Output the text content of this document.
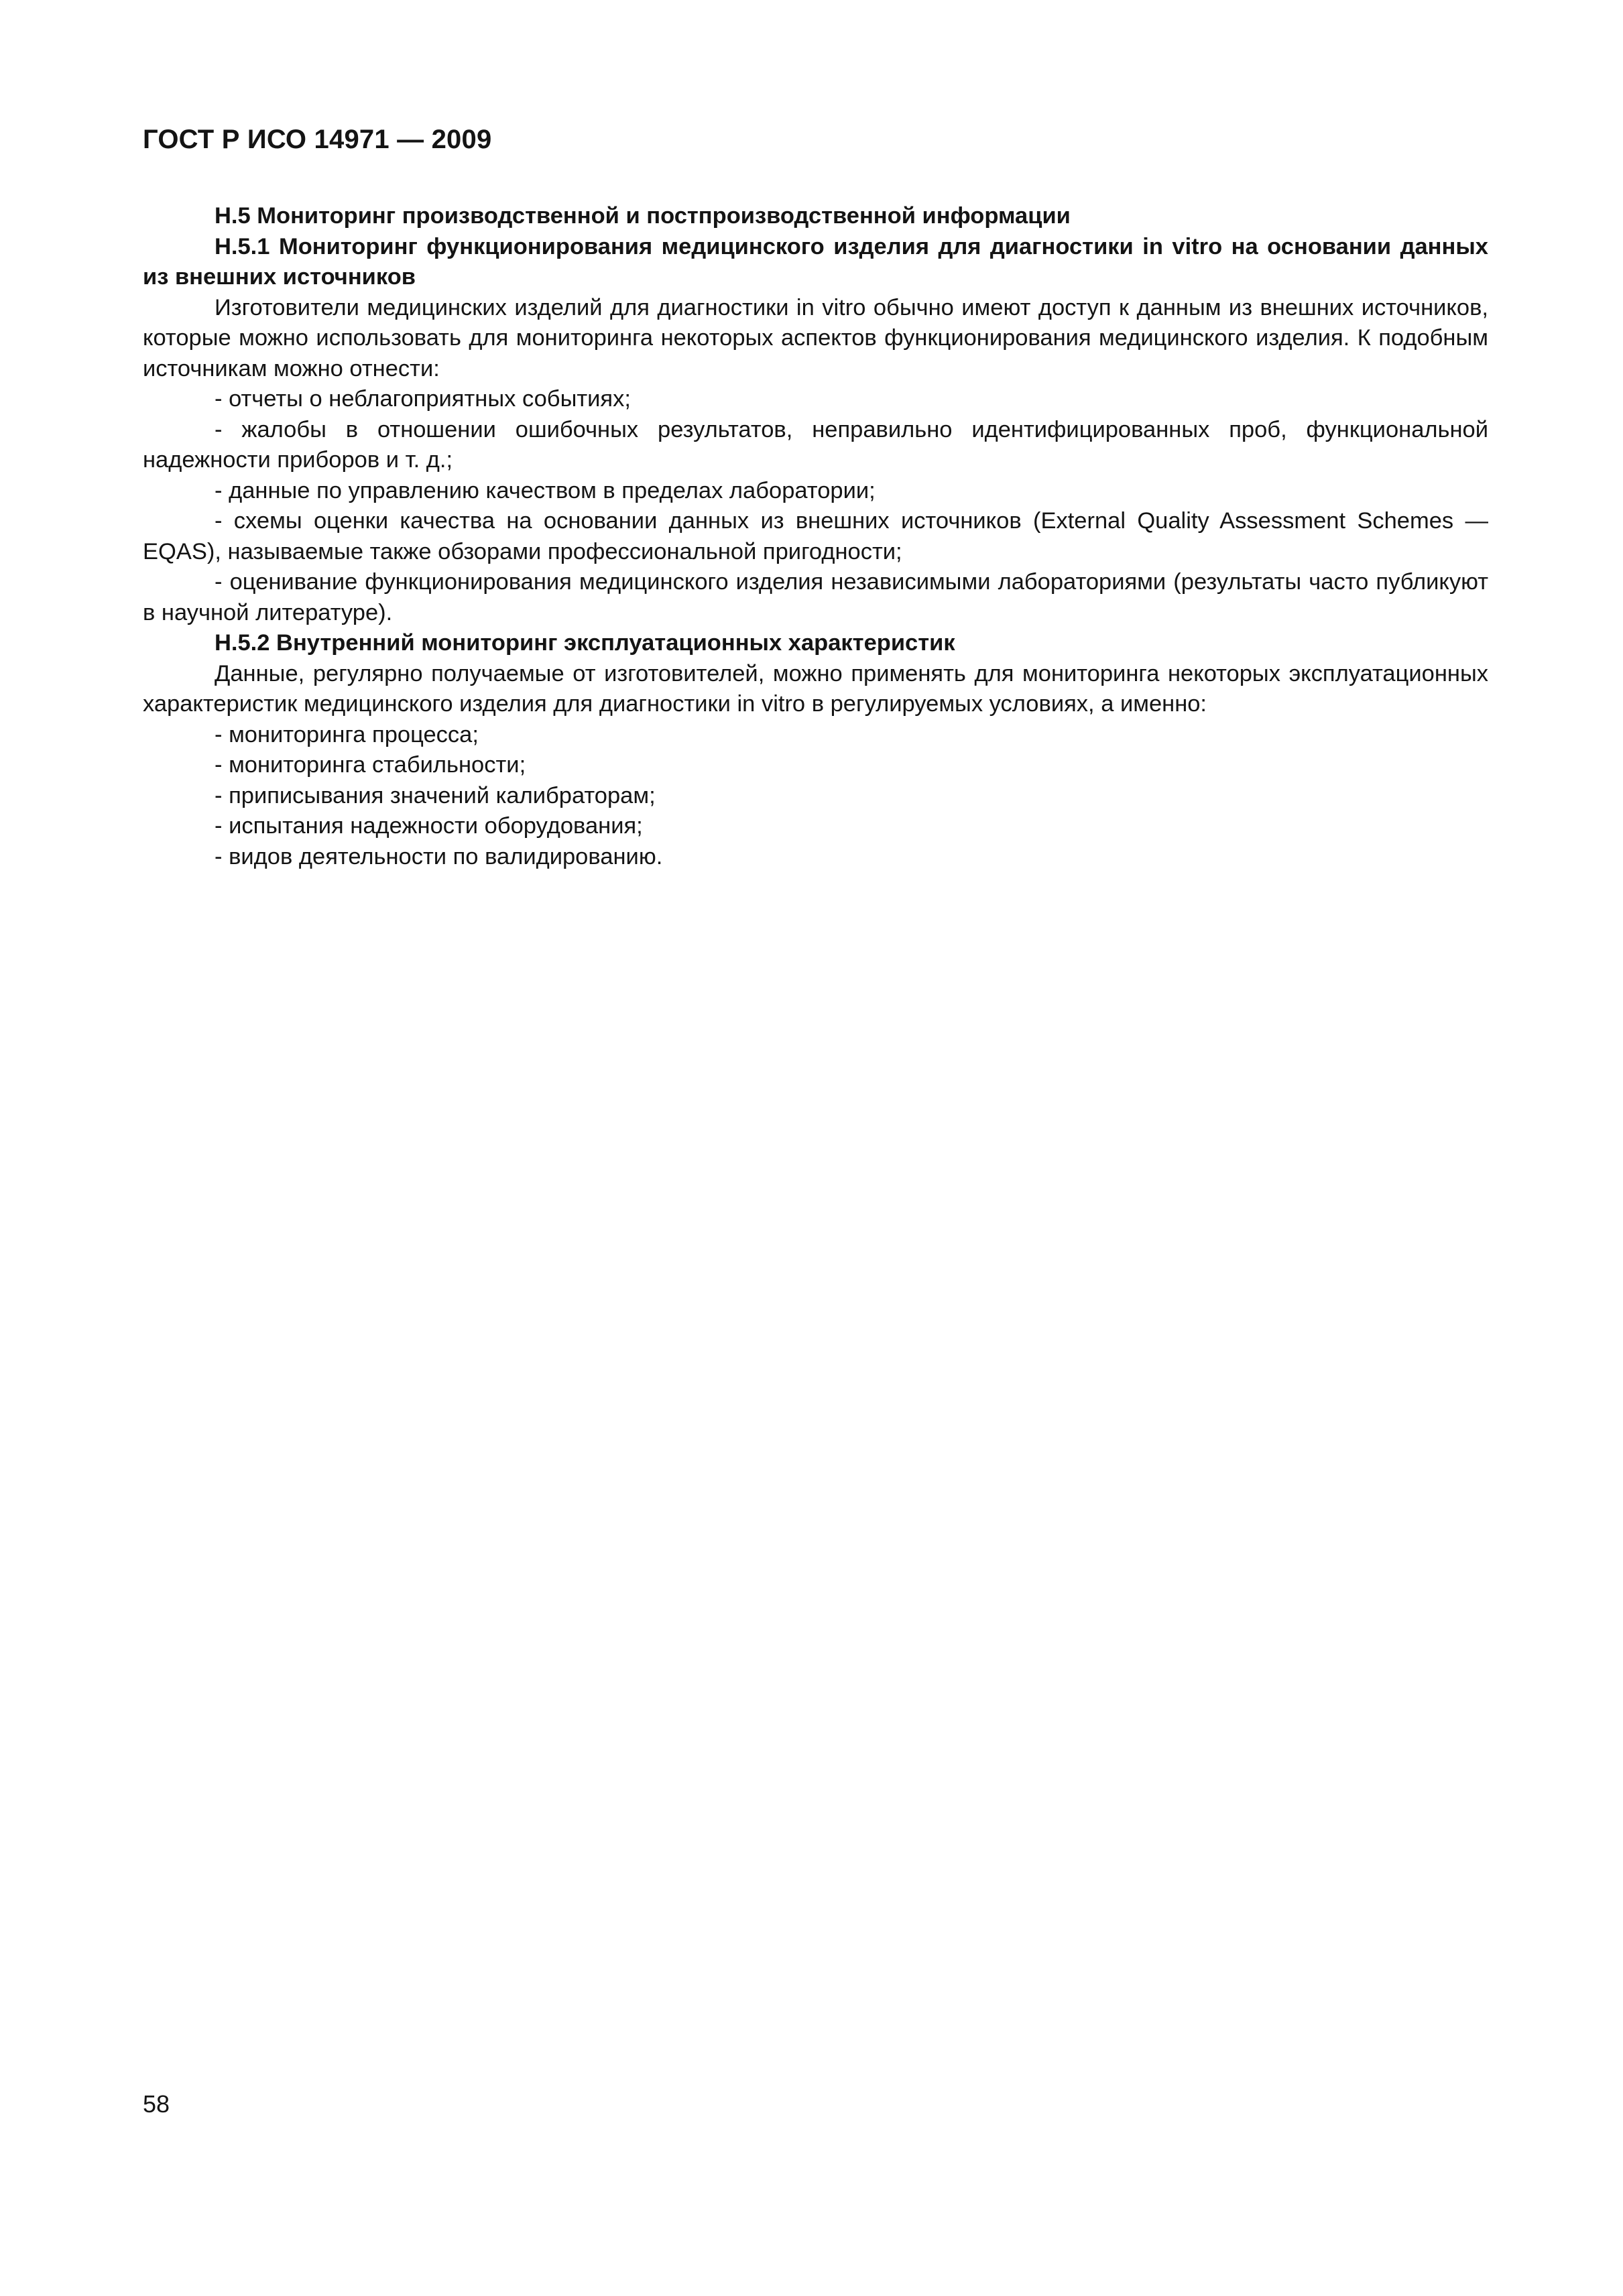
ГОСТ Р ИСО 14971 — 2009

Н.5 Мониторинг производственной и постпроизводственной информации

Н.5.1 Мониторинг функционирования медицинского изделия для диагностики in vitro на основании данных из внешних источников

Изготовители медицинских изделий для диагностики in vitro обычно имеют доступ к данным из внешних источников, которые можно использовать для мониторинга некоторых аспектов функционирования медицинского изделия. К подобным источникам можно отнести:

- отчеты о неблагоприятных событиях;

- жалобы в отношении ошибочных результатов, неправильно идентифицированных проб, функциональной надежности приборов и т. д.;

- данные по управлению качеством в пределах лаборатории;

- схемы оценки качества на основании данных из внешних источников (External Quality Assessment Schemes — EQAS), называемые также обзорами профессиональной пригодности;

- оценивание функционирования медицинского изделия независимыми лабораториями (результаты часто публикуют в научной литературе).

Н.5.2 Внутренний мониторинг эксплуатационных характеристик

Данные, регулярно получаемые от изготовителей, можно применять для мониторинга некоторых эксплуатационных характеристик медицинского изделия для диагностики in vitro в регулируемых условиях, а именно:

- мониторинга процесса;

- мониторинга стабильности;

- приписывания значений калибраторам;

- испытания надежности оборудования;

- видов деятельности по валидированию.

58
